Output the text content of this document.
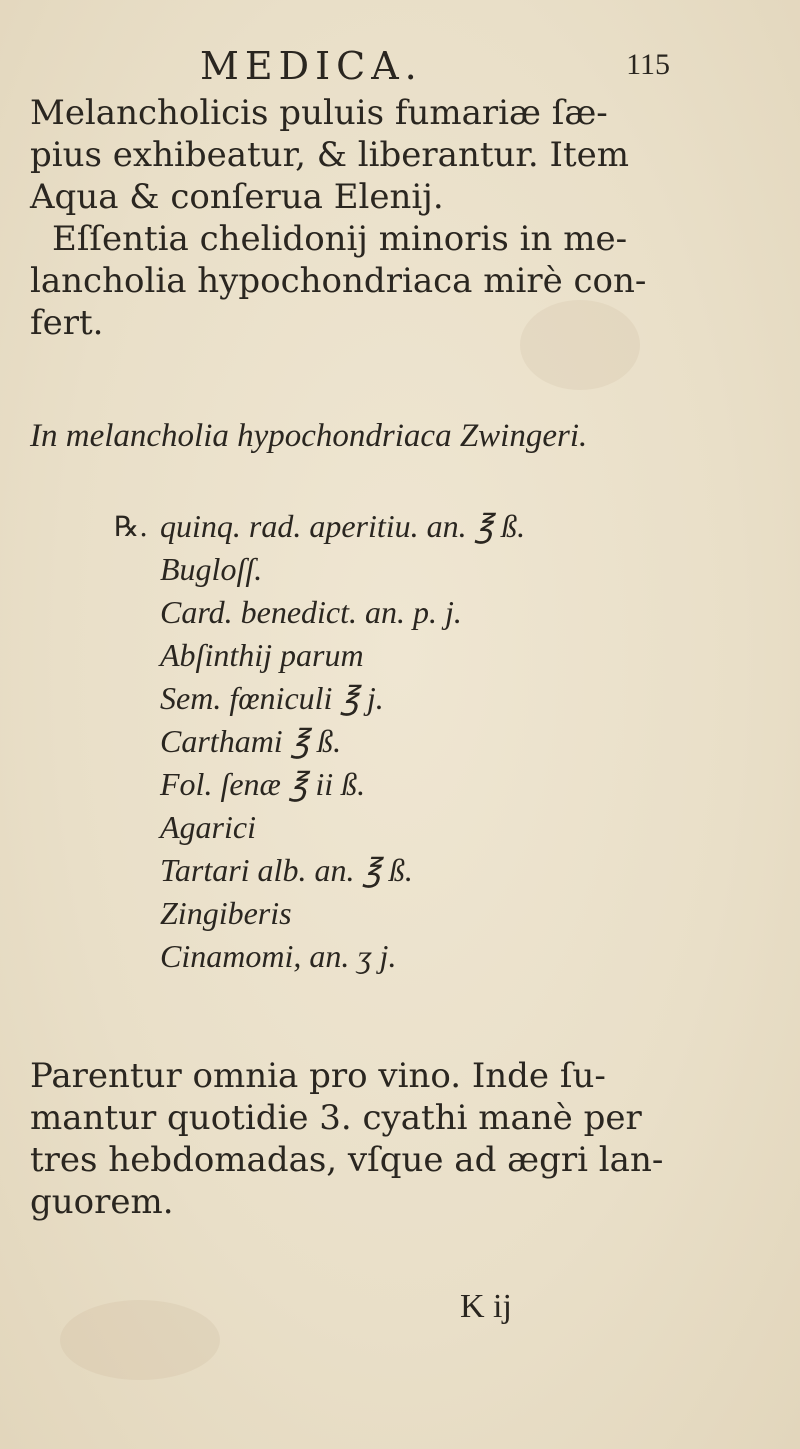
MEDICA.	115
Melancholicis puluis fumariæ ſæ-
pius exhibeatur, & liberantur. Item
Aqua & conſerua Elenij.
Eſſentia chelidonij minoris in me-
lancholia hypochondriaca mirè con-
fert.
In melancholia hypochondriaca Zwingeri.
℞. quinq. rad. aperitiu. an. ℥ ß.
Bugloſſ.
Card. benedict. an. p. j.
Abſinthij parum
Sem. fœniculi ℥ j.
Carthami ℥ ß.
Fol. ſenæ ℥ ii ß.
Agarici
Tartari alb. an. ℥ ß.
Zingiberis
Cinamomi, an. ʒ j.
Parentur omnia pro vino. Inde ſu-
mantur quotidie 3. cyathi manè per
tres hebdomadas, vſque ad ægri lan-
guorem.
K ij
